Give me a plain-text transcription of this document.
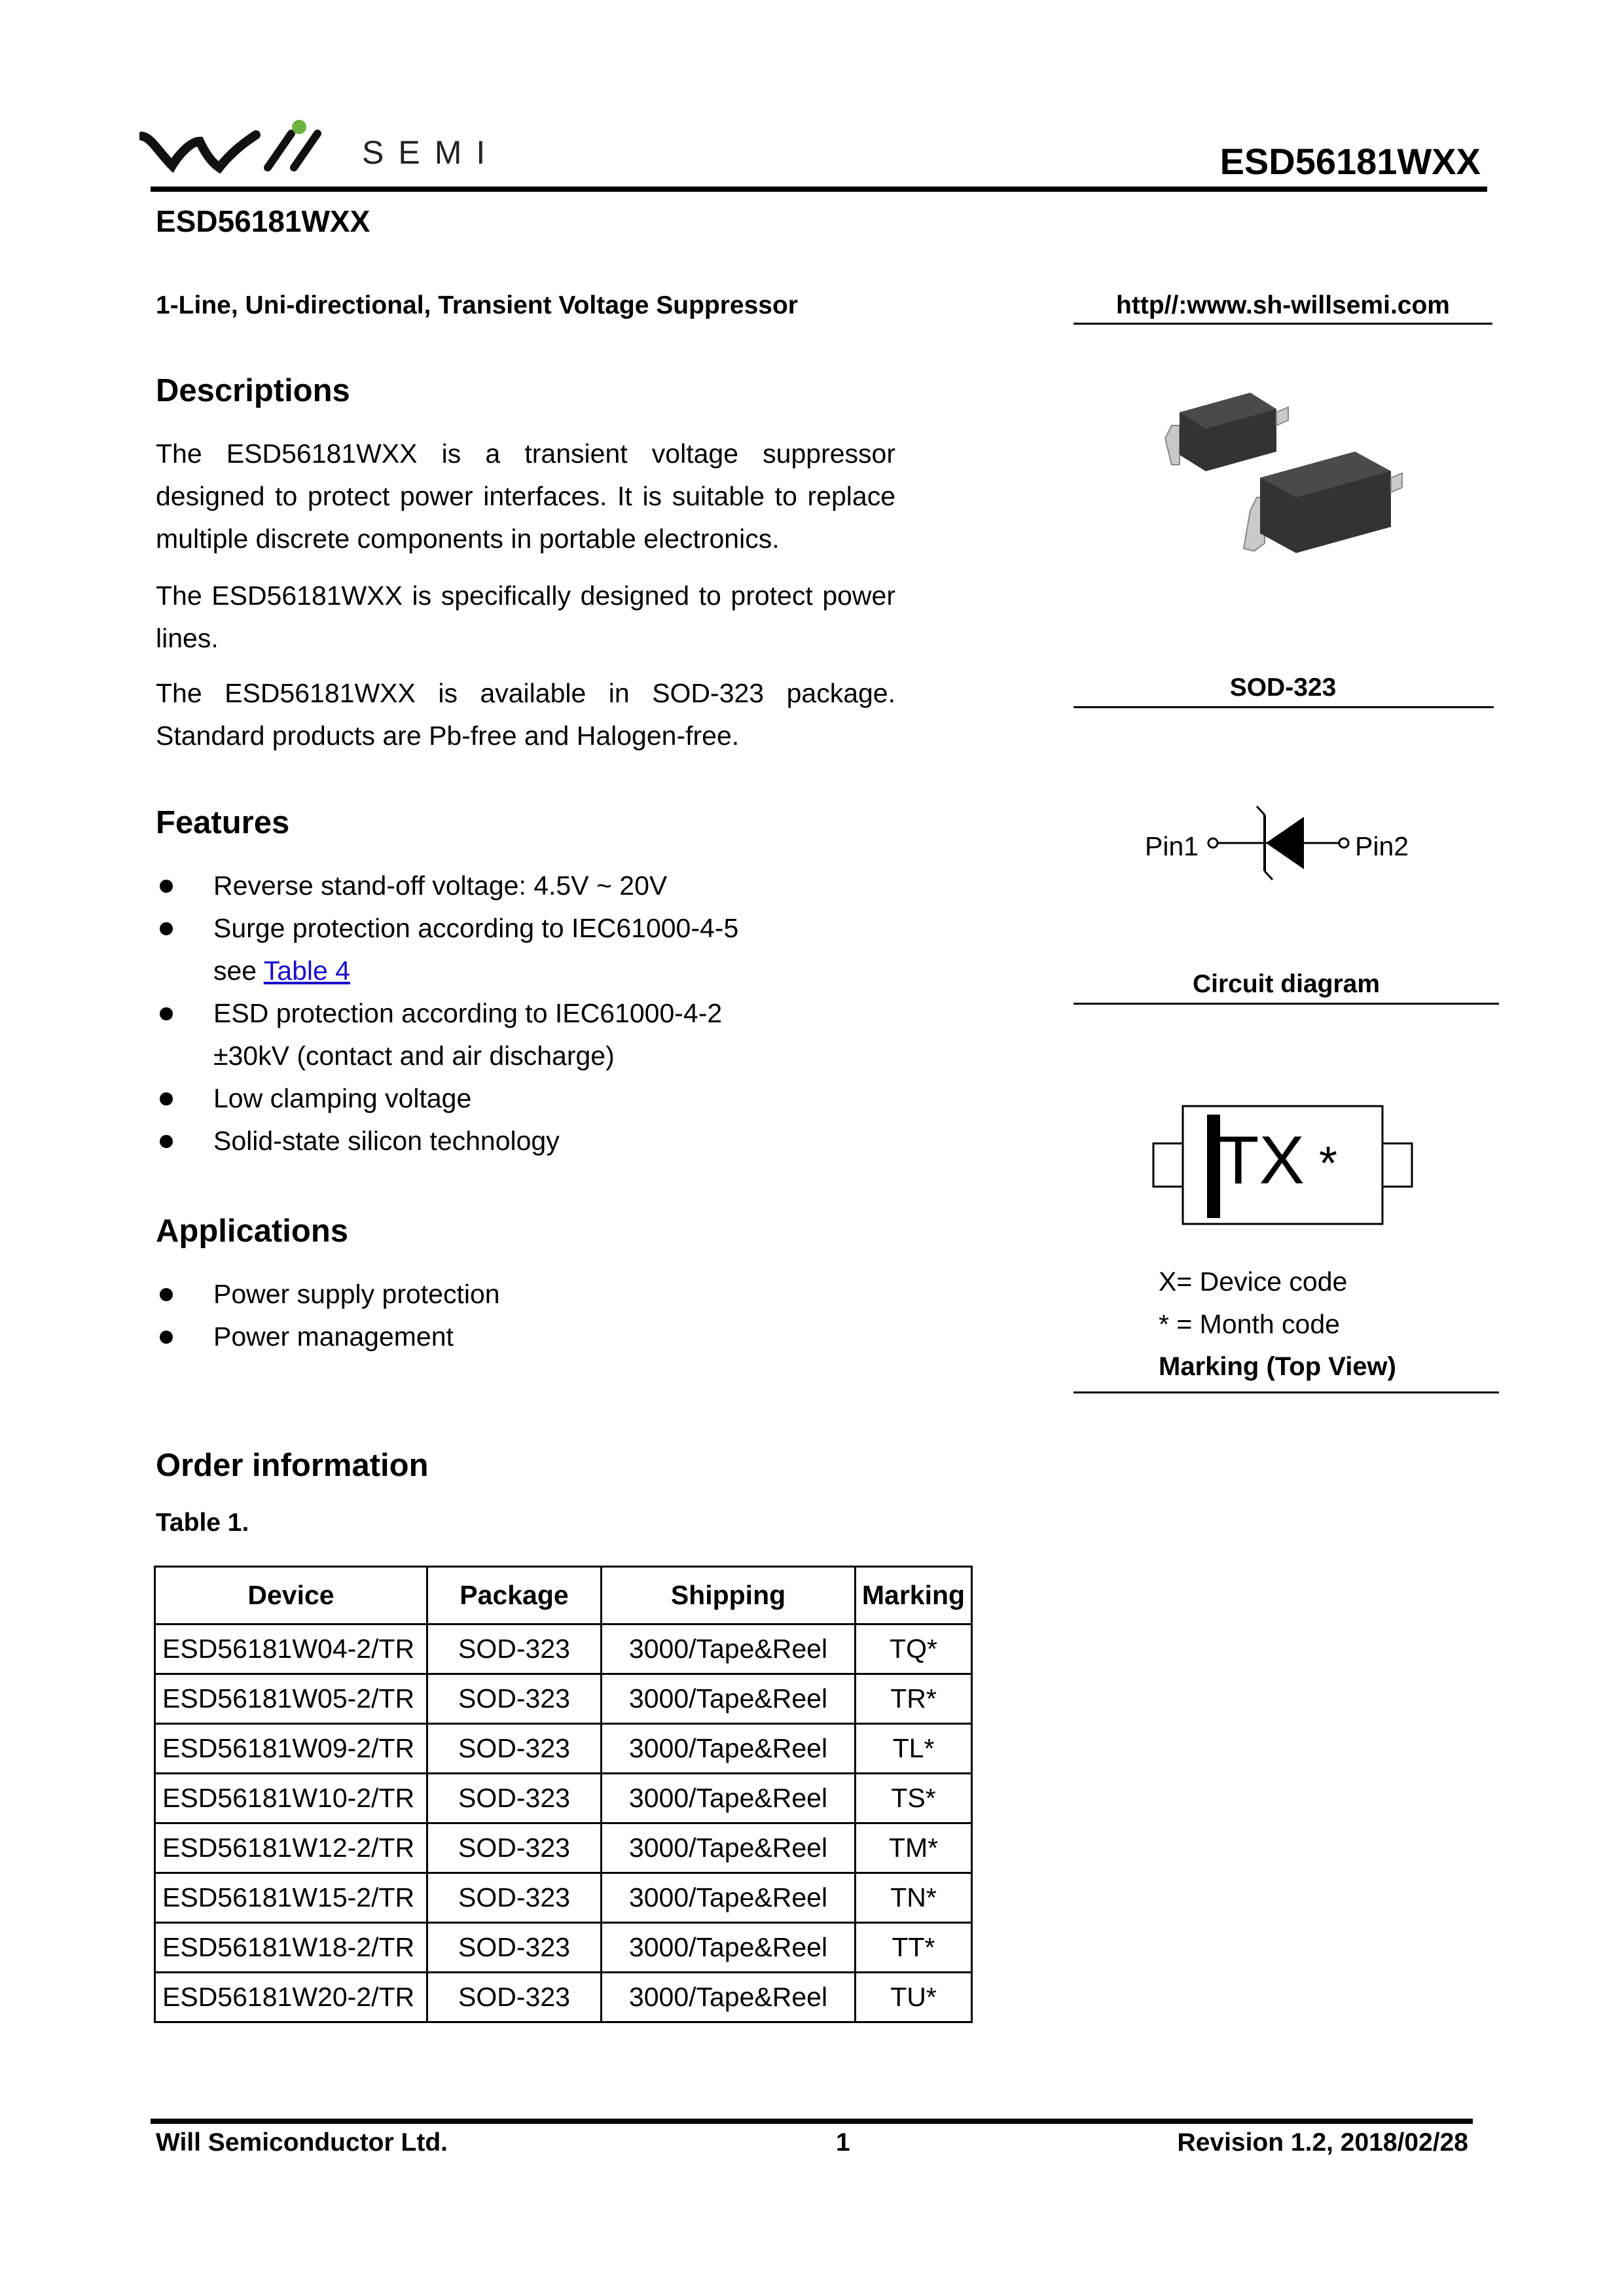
SEMI	ESD56181WXX
ESD56181WXX
1-Line, Uni-directional, Transient Voltage Suppressor	http//:www.sh-willsemi.com
Descriptions

The ESD56181WXX is a transient voltage suppressor designed to protect power interfaces. It is suitable to replace multiple discrete components in portable electronics.

The ESD56181WXX is specifically designed to protect power lines.

The ESD56181WXX is available in SOD-323 package. Standard products are Pb-free and Halogen-free.

Features
Reverse stand-off voltage: 4.5V ~ 20V
Surge protection according to IEC61000-4-5
see Table 4
ESD protection according to IEC61000-4-2
±30kV (contact and air discharge)
Low clamping voltage
Solid-state silicon technology
Applications
Power supply protection
Power management
SOD-323
Pin1	Pin2
Circuit diagram
TX *
X= Device code
* = Month code
Marking (Top View)
Order information
Table 1.
Device	Package	Shipping	Marking
ESD56181W04-2/TR	SOD-323	3000/Tape&Reel	TQ*
ESD56181W05-2/TR	SOD-323	3000/Tape&Reel	TR*
ESD56181W09-2/TR	SOD-323	3000/Tape&Reel	TL*
ESD56181W10-2/TR	SOD-323	3000/Tape&Reel	TS*
ESD56181W12-2/TR	SOD-323	3000/Tape&Reel	TM*
ESD56181W15-2/TR	SOD-323	3000/Tape&Reel	TN*
ESD56181W18-2/TR	SOD-323	3000/Tape&Reel	TT*
ESD56181W20-2/TR	SOD-323	3000/Tape&Reel	TU*
Will Semiconductor Ltd.	1	Revision 1.2, 2018/02/28
